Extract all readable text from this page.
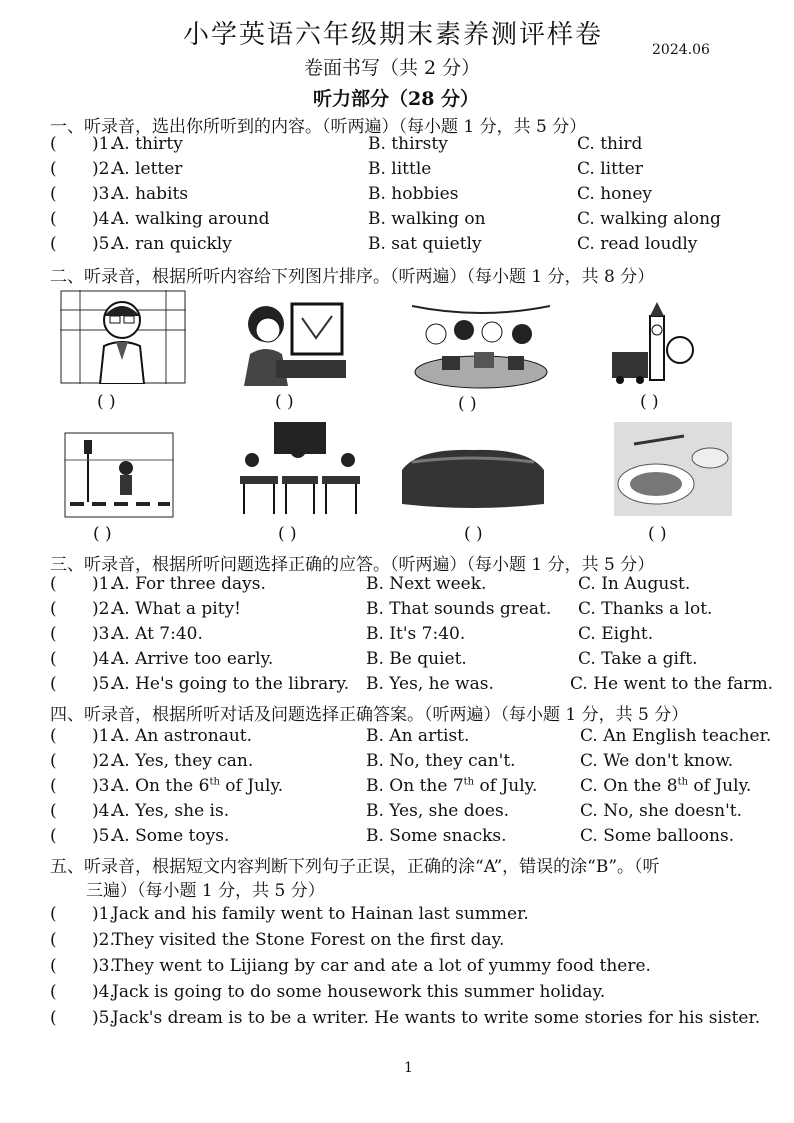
小学英语六年级期末素养测评样卷	2024.06
卷面书写（共 2 分）
听力部分（28 分）
一、听录音，选出你所听到的内容。（听两遍）（每小题 1 分，共 5 分）
( )1.
A. thirty	B. thirsty	C. third
( )2.
A. letter	B. little	C. litter
( )3.
A. habits	B. hobbies	C. honey
( )4.
A. walking around	B. walking on	C. walking along
( )5.
A. ran quickly	B. sat quietly	C. read loudly
二、听录音，根据所听内容给下列图片排序。（听两遍）（每小题 1 分，共 8 分）
( )	( )	( )	( )
( )	( )	( )	( )
三、听录音，根据所听问题选择正确的应答。（听两遍）（每小题 1 分，共 5 分）
( )1.
A. For three days.	B. Next week.	C. In August.
( )2.
A. What a pity!	B. That sounds great. C. Thanks a lot.
( )3.
A. At 7:40.	B. It's 7:40.	C. Eight.
( )4.
A. Arrive too early.	B. Be quiet.	C. Take a gift.
( )5.
A. He's going to the library. B. Yes, he was.	C. He went to the farm.
四、听录音，根据所听对话及问题选择正确答案。（听两遍）（每小题 1 分，共 5 分）
( )1.
A. An astronaut.	B. An artist.	C. An English teacher.
( )2.
A. Yes, they can.	B. No, they can't.	C. We don't know.
( )3.
A. On the 6th of July.	B. On the 7th of July.	C. On the 8th of July.
( )4.
A. Yes, she is.	B. Yes, she does.	C. No, she doesn't.
( )5.
A. Some toys.	B. Some snacks.	C. Some balloons.
五、听录音，根据短文内容判断下列句子正误，正确的涂“A”，错误的涂“B”。（听
三遍）（每小题 1 分，共 5 分）
( )1.
Jack and his family went to Hainan last summer.
( )2.
They visited the Stone Forest on the first day.
( )3.
They went to Lijiang by car and ate a lot of yummy food there.
( )4.
Jack is going to do some housework this summer holiday.
( )5.
Jack's dream is to be a writer. He wants to write some stories for his sister.
1
